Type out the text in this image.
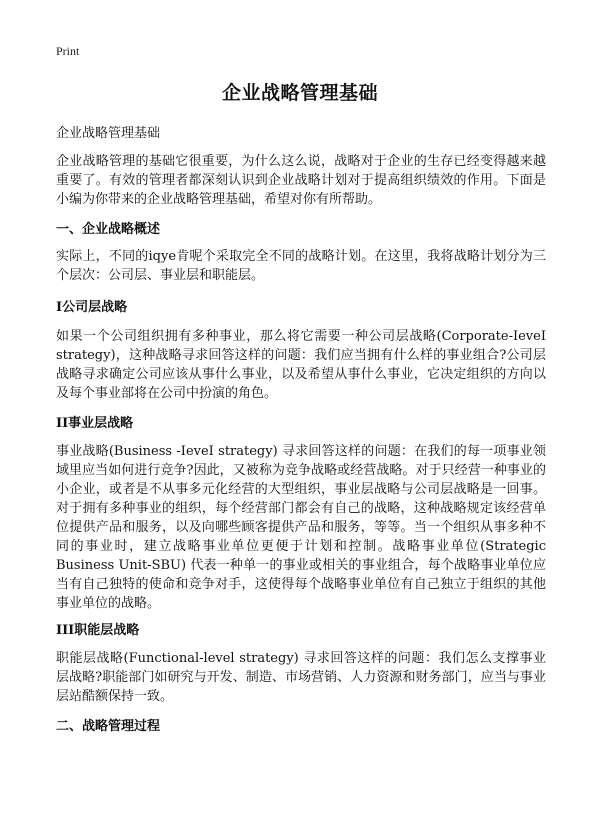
Print
企业战略管理基础
企业战略管理基础
企业战略管理的基础它很重要，为什么这么说，战略对于企业的生存已经变得越来越重要了。有效的管理者都深刻认识到企业战略计划对于提高组织绩效的作用。下面是小编为你带来的企业战略管理基础，希望对你有所帮助。
一、企业战略概述
实际上，不同的iqye肯呢个采取完全不同的战略计划。在这里，我将战略计划分为三个层次：公司层、事业层和职能层。
I公司层战略
如果一个公司组织拥有多种事业，那么将它需要一种公司层战略(Corporate-IeveI strategy)，这种战略寻求回答这样的问题：我们应当拥有什么样的事业组合?公司层战略寻求确定公司应该从事什么事业，以及希望从事什么事业，它决定组织的方向以及每个事业部将在公司中扮演的角色。
II事业层战略
事业战略(Business -IeveI strategy) 寻求回答这样的问题：在我们的每一项事业领域里应当如何进行竞争?因此，又被称为竞争战略或经营战略。对于只经营一种事业的小企业，或者是不从事多元化经营的大型组织，事业层战略与公司层战略是一回事。对于拥有多种事业的组织，每个经营部门都会有自己的战略，这种战略规定该经营单位提供产品和服务，以及向哪些顾客提供产品和服务，等等。当一个组织从事多种不同的事业时，建立战略事业单位更便于计划和控制。战略事业单位(Strategic Business Unit-SBU) 代表一种单一的事业或相关的事业组合，每个战略事业单位应当有自己独特的使命和竞争对手，这使得每个战略事业单位有自己独立于组织的其他事业单位的战略。
III职能层战略
职能层战略(Functional-level strategy) 寻求回答这样的问题：我们怎么支撑事业层战略?职能部门如研究与开发、制造、市场营销、人力资源和财务部门，应当与事业层站酷额保持一致。
二、战略管理过程
